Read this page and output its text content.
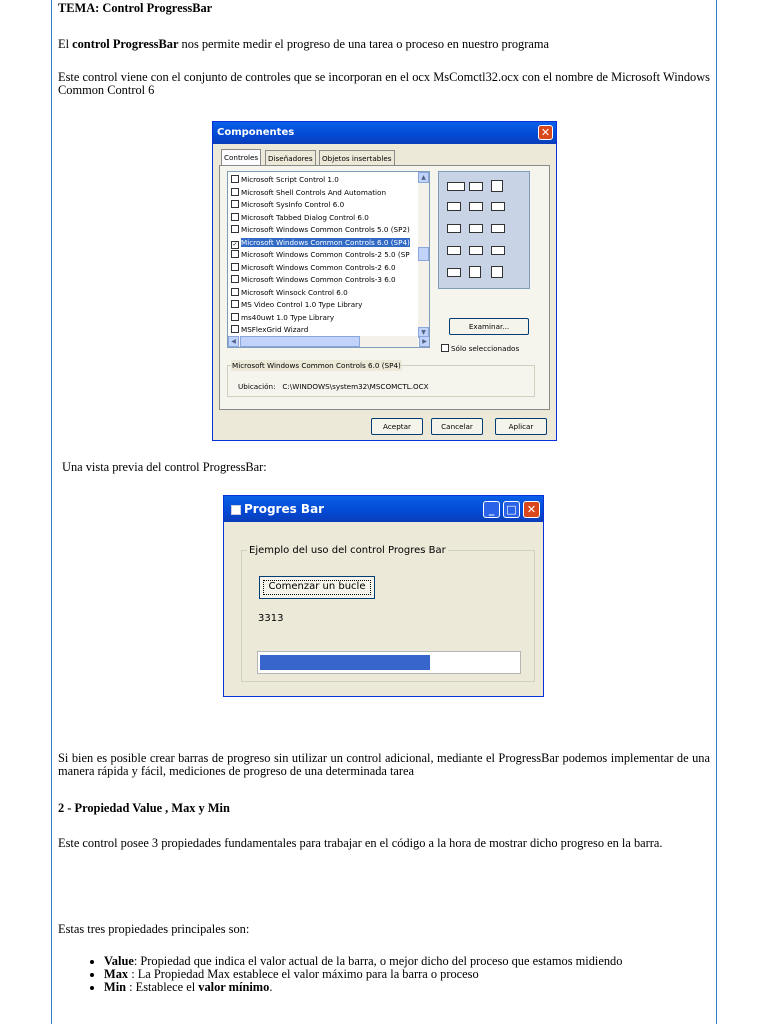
TEMA: Control ProgressBar
El control ProgressBar nos permite medir el progreso de una tarea o proceso en nuestro programa
Este control viene con el conjunto de controles que se incorporan en el ocx MsComctl32.ocx con el nombre de Microsoft Windows Common Control 6
Componentes	✕
Controles	Diseñadores	Objetos insertables
Microsoft Script Control 1.0
Microsoft Shell Controls And Automation
Microsoft SysInfo Control 6.0
Microsoft Tabbed Dialog Control 6.0
Microsoft Windows Common Controls 5.0 (SP2)
✓ Microsoft Windows Common Controls 6.0 (SP4)
Microsoft Windows Common Controls-2 5.0 (SP
Microsoft Windows Common Controls-2 6.0
Microsoft Windows Common Controls-3 6.0
Microsoft Winsock Control 6.0
MS Video Control 1.0 Type Library
ms40uwt 1.0 Type Library
MSFlexGrid Wizard
▲
▼
◀	▶
Examinar...
Sólo seleccionados
Microsoft Windows Common Controls 6.0 (SP4)
Ubicación: C:\WINDOWS\system32\MSCOMCTL.OCX
Aceptar	Cancelar	Aplicar
Una vista previa del control ProgressBar:
Progres Bar	_	□ ✕
Ejemplo del uso del control Progres Bar
Comenzar un bucle
3313
Si bien es posible crear barras de progreso sin utilizar un control adicional, mediante el ProgressBar podemos implementar de una manera rápida y fácil, mediciones de progreso de una determinada tarea
2 - Propiedad Value , Max y Min
Este control posee 3 propiedades fundamentales para trabajar en el código a la hora de mostrar dicho progreso en la barra.
Estas tres propiedades principales son:
• Value: Propiedad que indica el valor actual de la barra, o mejor dicho del proceso que estamos midiendo
• Max : La Propiedad Max establece el valor máximo para la barra o proceso
• Min : Establece el valor mínimo.
